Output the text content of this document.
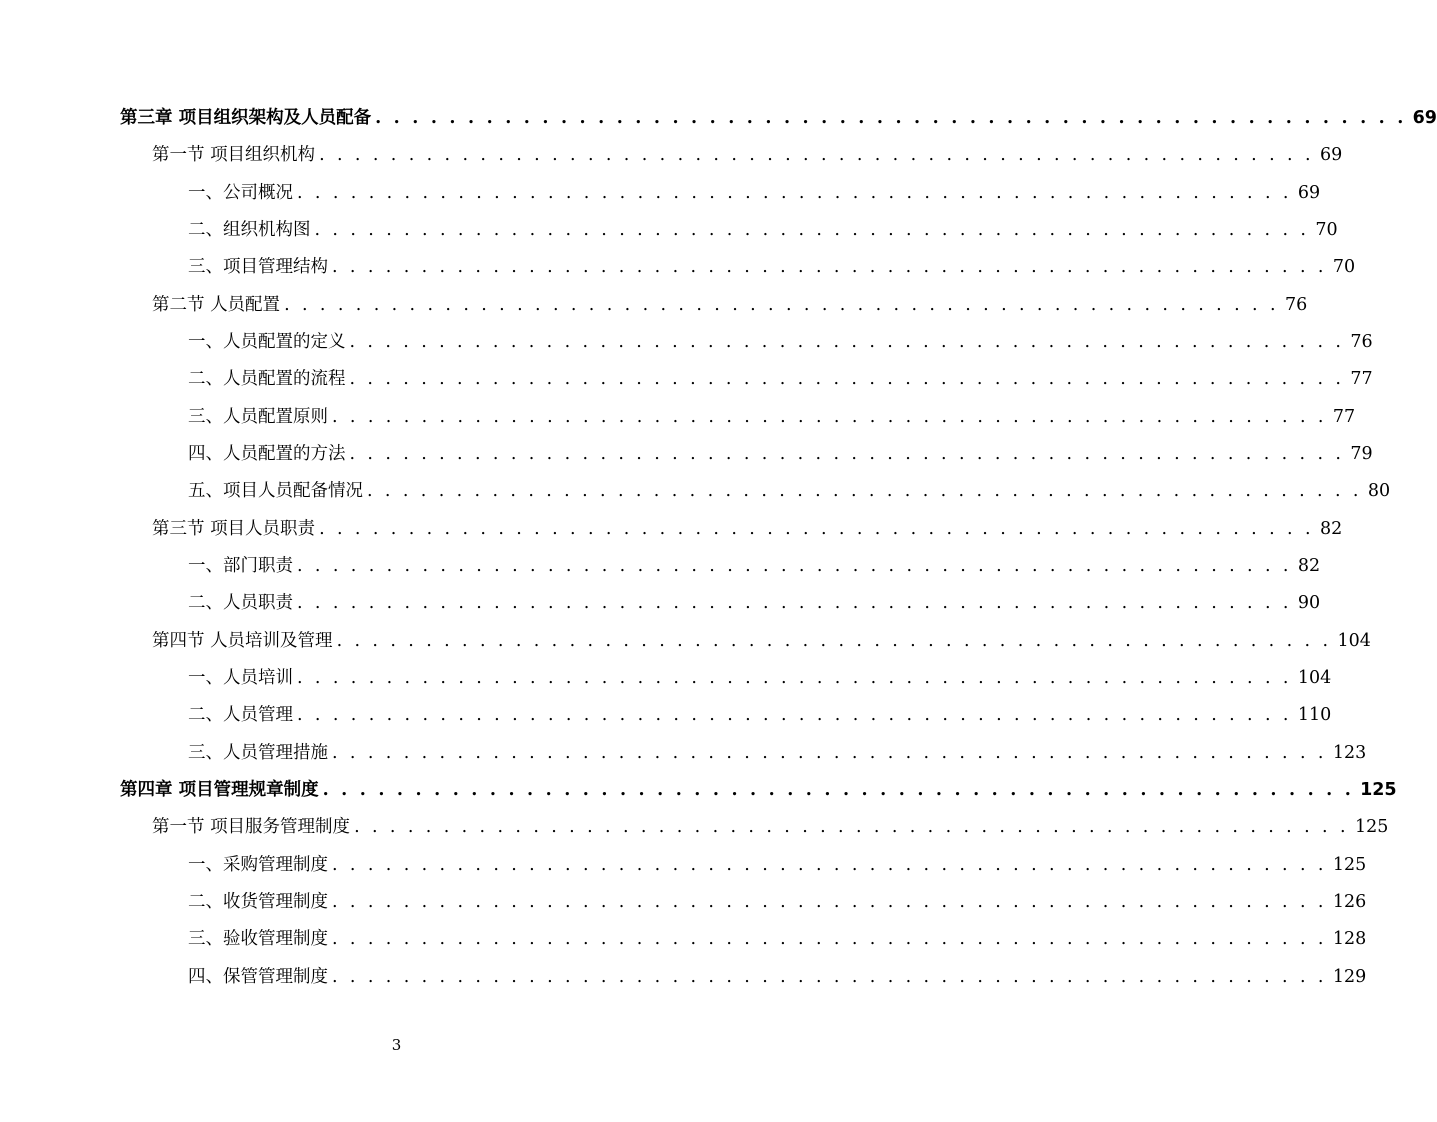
第三章 项目组织架构及人员配备 . . . . . . . . . . . . . . . . . . . . . . . . . . . . . . . . . . . . . . . . . . . . . . . . . . . . . . . . 69
第一节 项目组织机构 . . . . . . . . . . . . . . . . . . . . . . . . . . . . . . . . . . . . . . . . . . . . . . . . . . . . . . . . 69
一、公司概况 . . . . . . . . . . . . . . . . . . . . . . . . . . . . . . . . . . . . . . . . . . . . . . . . . . . . . . . . 69
二、组织机构图 . . . . . . . . . . . . . . . . . . . . . . . . . . . . . . . . . . . . . . . . . . . . . . . . . . . . . . . . 70
三、项目管理结构 . . . . . . . . . . . . . . . . . . . . . . . . . . . . . . . . . . . . . . . . . . . . . . . . . . . . . . . . 70
第二节 人员配置 . . . . . . . . . . . . . . . . . . . . . . . . . . . . . . . . . . . . . . . . . . . . . . . . . . . . . . . . 76
一、人员配置的定义 . . . . . . . . . . . . . . . . . . . . . . . . . . . . . . . . . . . . . . . . . . . . . . . . . . . . . . . . 76
二、人员配置的流程 . . . . . . . . . . . . . . . . . . . . . . . . . . . . . . . . . . . . . . . . . . . . . . . . . . . . . . . . 77
三、人员配置原则 . . . . . . . . . . . . . . . . . . . . . . . . . . . . . . . . . . . . . . . . . . . . . . . . . . . . . . . . 77
四、人员配置的方法 . . . . . . . . . . . . . . . . . . . . . . . . . . . . . . . . . . . . . . . . . . . . . . . . . . . . . . . . 79
五、项目人员配备情况 . . . . . . . . . . . . . . . . . . . . . . . . . . . . . . . . . . . . . . . . . . . . . . . . . . . . . . . . 80
第三节 项目人员职责 . . . . . . . . . . . . . . . . . . . . . . . . . . . . . . . . . . . . . . . . . . . . . . . . . . . . . . . . 82
一、部门职责 . . . . . . . . . . . . . . . . . . . . . . . . . . . . . . . . . . . . . . . . . . . . . . . . . . . . . . . . 82
二、人员职责 . . . . . . . . . . . . . . . . . . . . . . . . . . . . . . . . . . . . . . . . . . . . . . . . . . . . . . . . 90
第四节 人员培训及管理 . . . . . . . . . . . . . . . . . . . . . . . . . . . . . . . . . . . . . . . . . . . . . . . . . . . . . . . . 104
一、人员培训 . . . . . . . . . . . . . . . . . . . . . . . . . . . . . . . . . . . . . . . . . . . . . . . . . . . . . . . . 104
二、人员管理 . . . . . . . . . . . . . . . . . . . . . . . . . . . . . . . . . . . . . . . . . . . . . . . . . . . . . . . . 110
三、人员管理措施 . . . . . . . . . . . . . . . . . . . . . . . . . . . . . . . . . . . . . . . . . . . . . . . . . . . . . . . . 123
第四章 项目管理规章制度 . . . . . . . . . . . . . . . . . . . . . . . . . . . . . . . . . . . . . . . . . . . . . . . . . . . . . . . . 125
第一节 项目服务管理制度 . . . . . . . . . . . . . . . . . . . . . . . . . . . . . . . . . . . . . . . . . . . . . . . . . . . . . . . . 125
一、采购管理制度 . . . . . . . . . . . . . . . . . . . . . . . . . . . . . . . . . . . . . . . . . . . . . . . . . . . . . . . . 125
二、收货管理制度 . . . . . . . . . . . . . . . . . . . . . . . . . . . . . . . . . . . . . . . . . . . . . . . . . . . . . . . . 126
三、验收管理制度 . . . . . . . . . . . . . . . . . . . . . . . . . . . . . . . . . . . . . . . . . . . . . . . . . . . . . . . . 128
四、保管管理制度 . . . . . . . . . . . . . . . . . . . . . . . . . . . . . . . . . . . . . . . . . . . . . . . . . . . . . . . . 129
3
